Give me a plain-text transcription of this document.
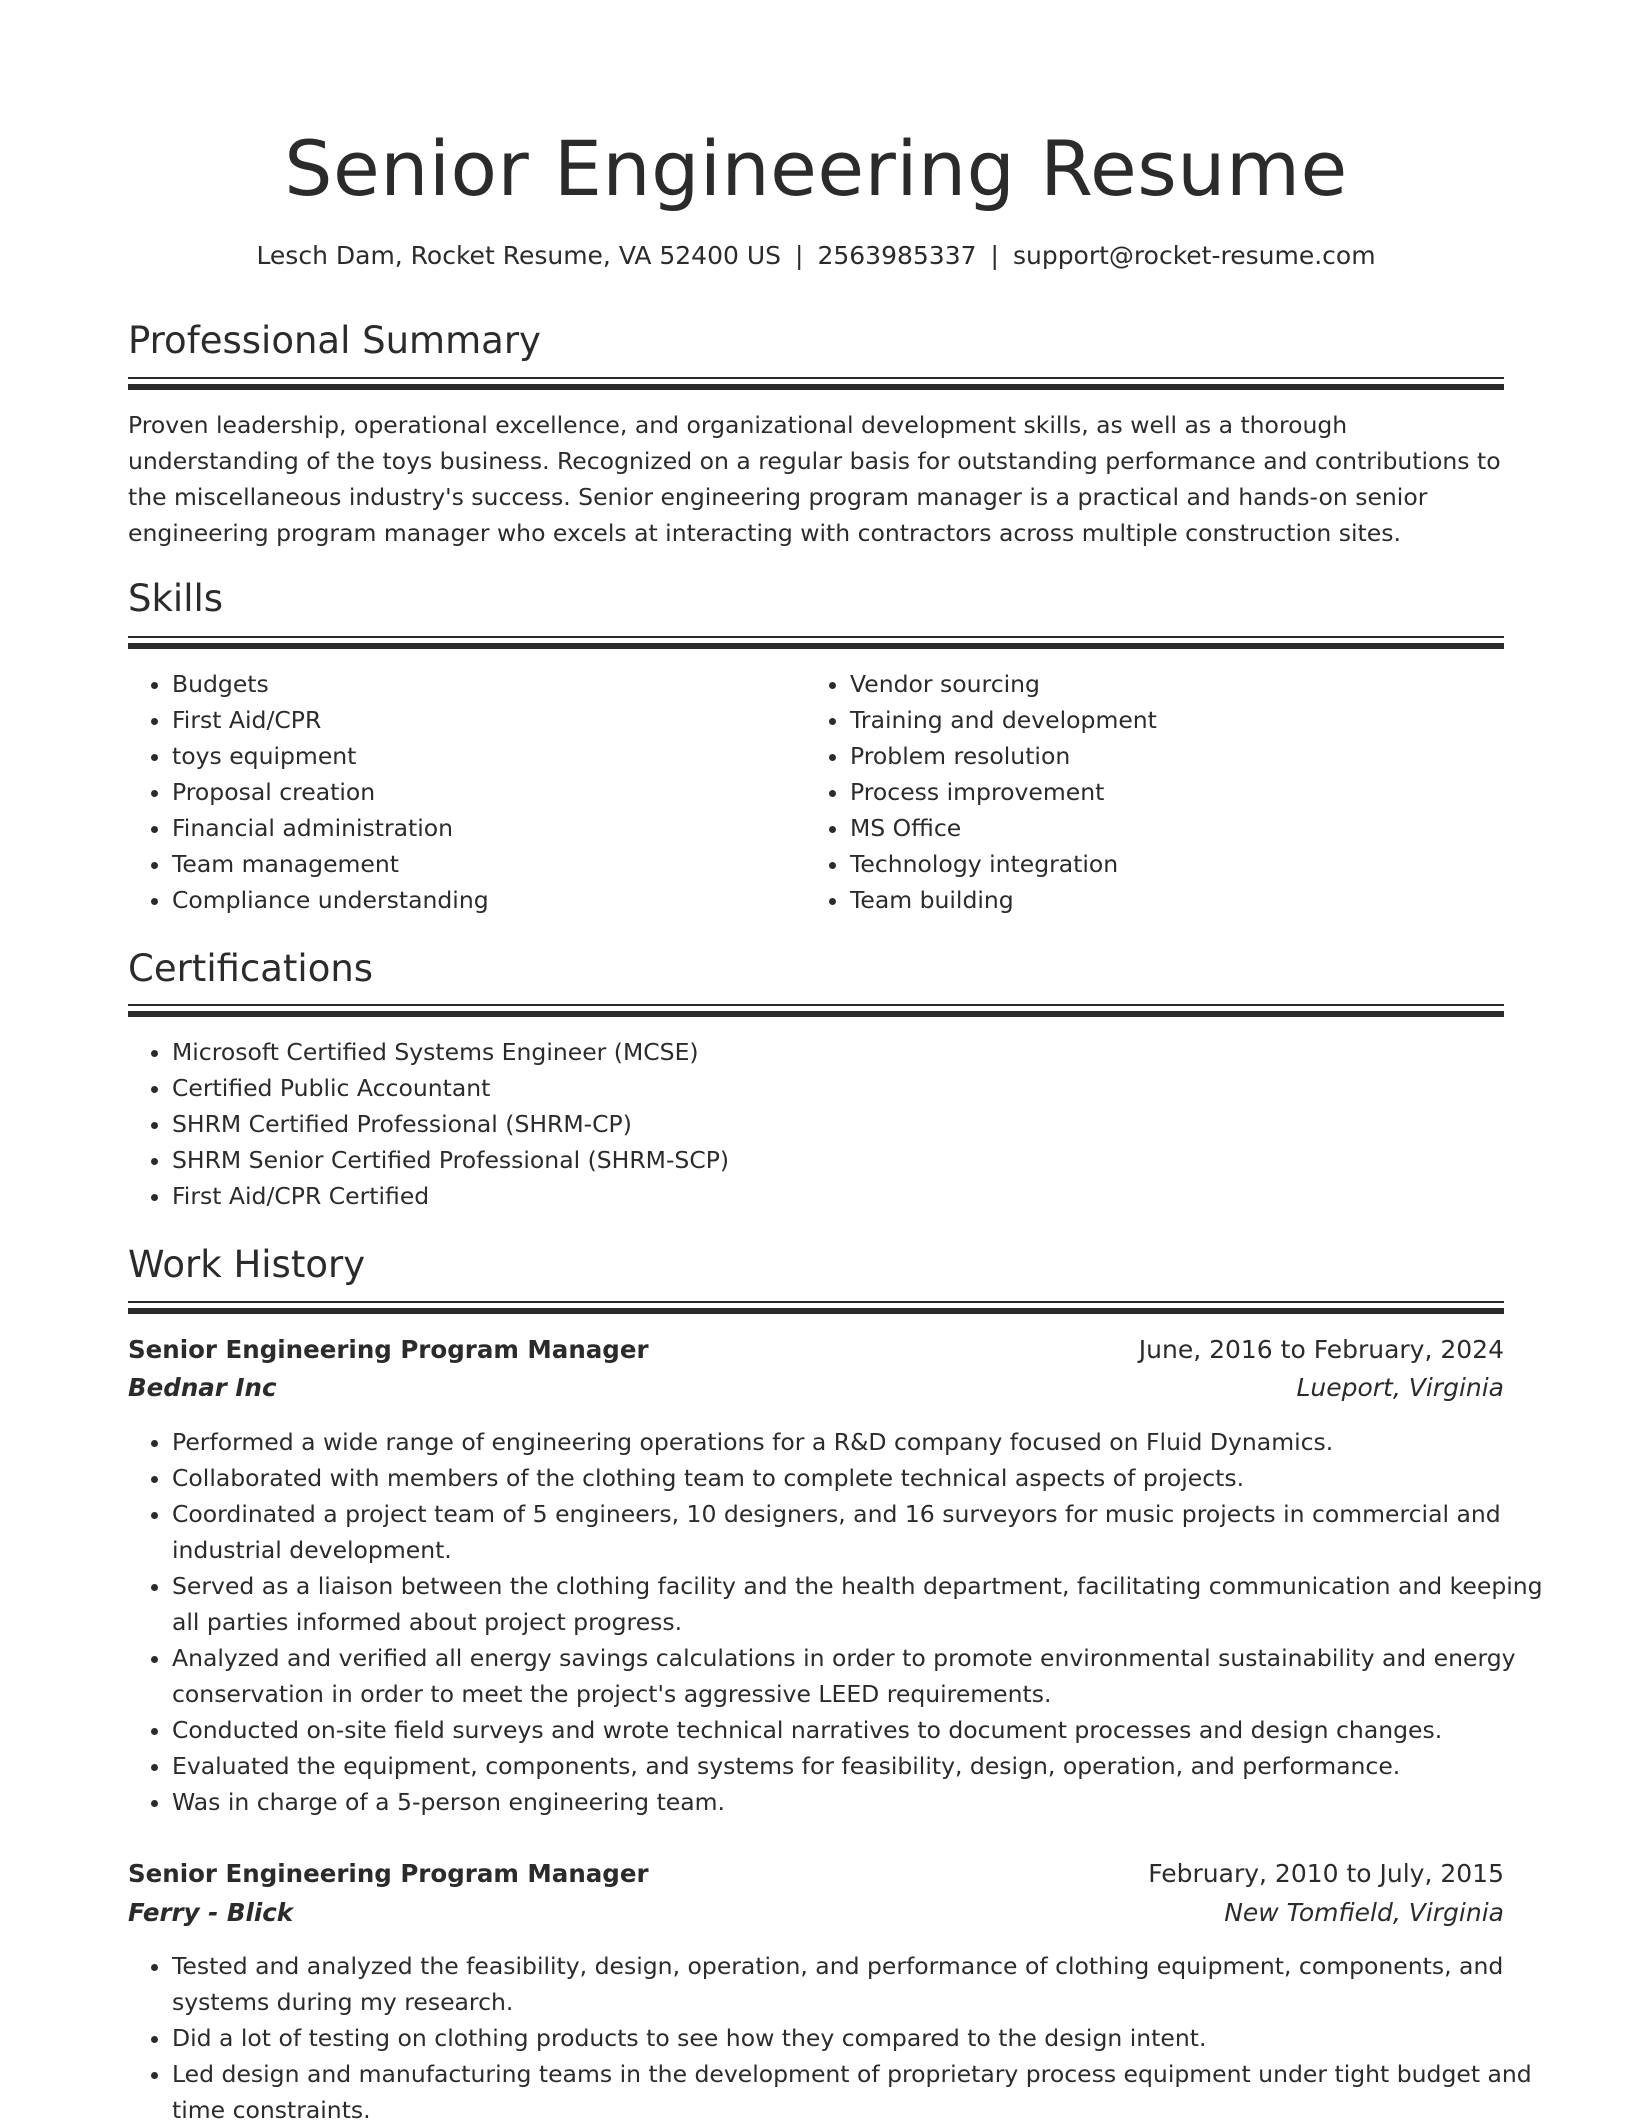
Senior Engineering Resume
Lesch Dam, Rocket Resume, VA 52400 US | 2563985337 | support@rocket-resume.com
Professional Summary
Proven leadership, operational excellence, and organizational development skills, as well as a thorough understanding of the toys business. Recognized on a regular basis for outstanding performance and contributions to the miscellaneous industry's success. Senior engineering program manager is a practical and hands-on senior engineering program manager who excels at interacting with contractors across multiple construction sites.
Skills
• Budgets
• First Aid/CPR
• toys equipment
• Proposal creation
• Financial administration
• Team management
• Compliance understanding
• Vendor sourcing
• Training and development
• Problem resolution
• Process improvement
• MS Office
• Technology integration
• Team building
Certifications
• Microsoft Certified Systems Engineer (MCSE)
• Certified Public Accountant
• SHRM Certified Professional (SHRM-CP)
• SHRM Senior Certified Professional (SHRM-SCP)
• First Aid/CPR Certified
Work History
Senior Engineering Program Manager	June, 2016 to February, 2024
Bednar Inc	Lueport, Virginia
• Performed a wide range of engineering operations for a R&D company focused on Fluid Dynamics.
• Collaborated with members of the clothing team to complete technical aspects of projects.
• Coordinated a project team of 5 engineers, 10 designers, and 16 surveyors for music projects in commercial and industrial development.
• Served as a liaison between the clothing facility and the health department, facilitating communication and keeping all parties informed about project progress.
• Analyzed and verified all energy savings calculations in order to promote environmental sustainability and energy conservation in order to meet the project's aggressive LEED requirements.
• Conducted on-site field surveys and wrote technical narratives to document processes and design changes.
• Evaluated the equipment, components, and systems for feasibility, design, operation, and performance.
• Was in charge of a 5-person engineering team.
Senior Engineering Program Manager	February, 2010 to July, 2015
Ferry - Blick	New Tomfield, Virginia
• Tested and analyzed the feasibility, design, operation, and performance of clothing equipment, components, and systems during my research.
• Did a lot of testing on clothing products to see how they compared to the design intent.
• Led design and manufacturing teams in the development of proprietary process equipment under tight budget and time constraints.
